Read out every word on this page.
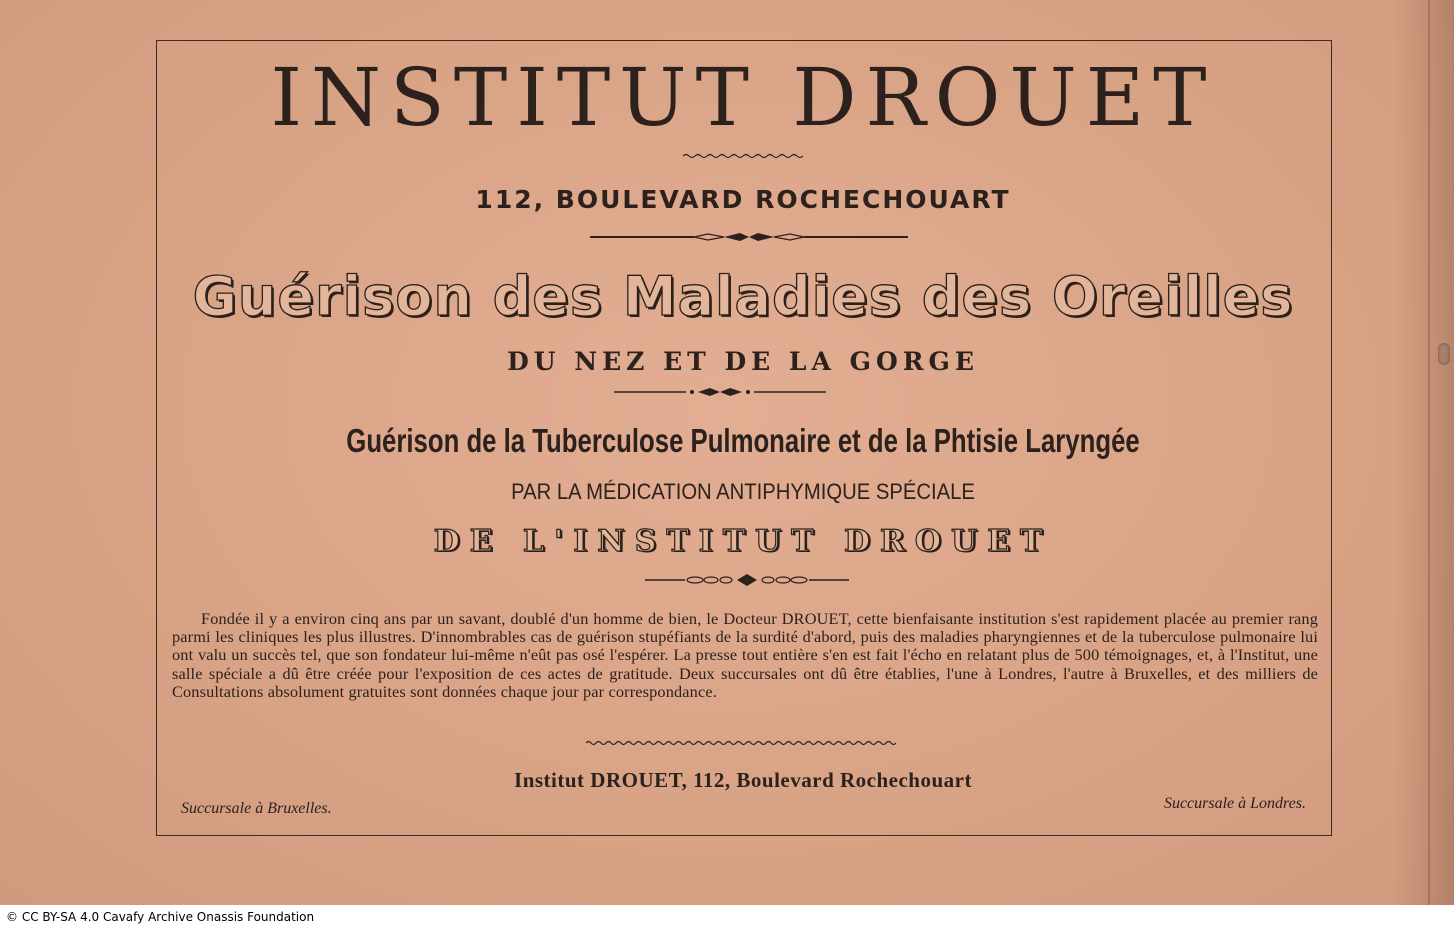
INSTITUT DROUET

112, BOULEVARD ROCHECHOUART

Guérison des Maladies des Oreilles

DU NEZ ET DE LA GORGE

Guérison de la Tuberculose Pulmonaire et de la Phtisie Laryngée

PAR LA MÉDICATION ANTIPHYMIQUE SPÉCIALE

DE L'INSTITUT DROUET

Fondée il y a environ cinq ans par un savant, doublé d'un homme de bien, le Docteur DROUET, cette bienfaisante institution s'est rapidement placée au premier rang parmi les cliniques les plus illustres. D'innombrables cas de guérison stupéfiants de la surdité d'abord, puis des maladies pharyngiennes et de la tuberculose pulmonaire lui ont valu un succès tel, que son fondateur lui-même n'eût pas osé l'espérer. La presse tout entière s'en est fait l'écho en relatant plus de 500 témoignages, et, à l'Institut, une salle spéciale a dû être créée pour l'exposition de ces actes de gratitude. Deux succursales ont dû être établies, l'une à Londres, l'autre à Bruxelles, et des milliers de Consultations absolument gratuites sont données chaque jour par correspondance.

Institut DROUET, 112, Boulevard Rochechouart

Succursale à Bruxelles.	Succursale à Londres.

© CC BY-SA 4.0 Cavafy Archive Onassis Foundation
